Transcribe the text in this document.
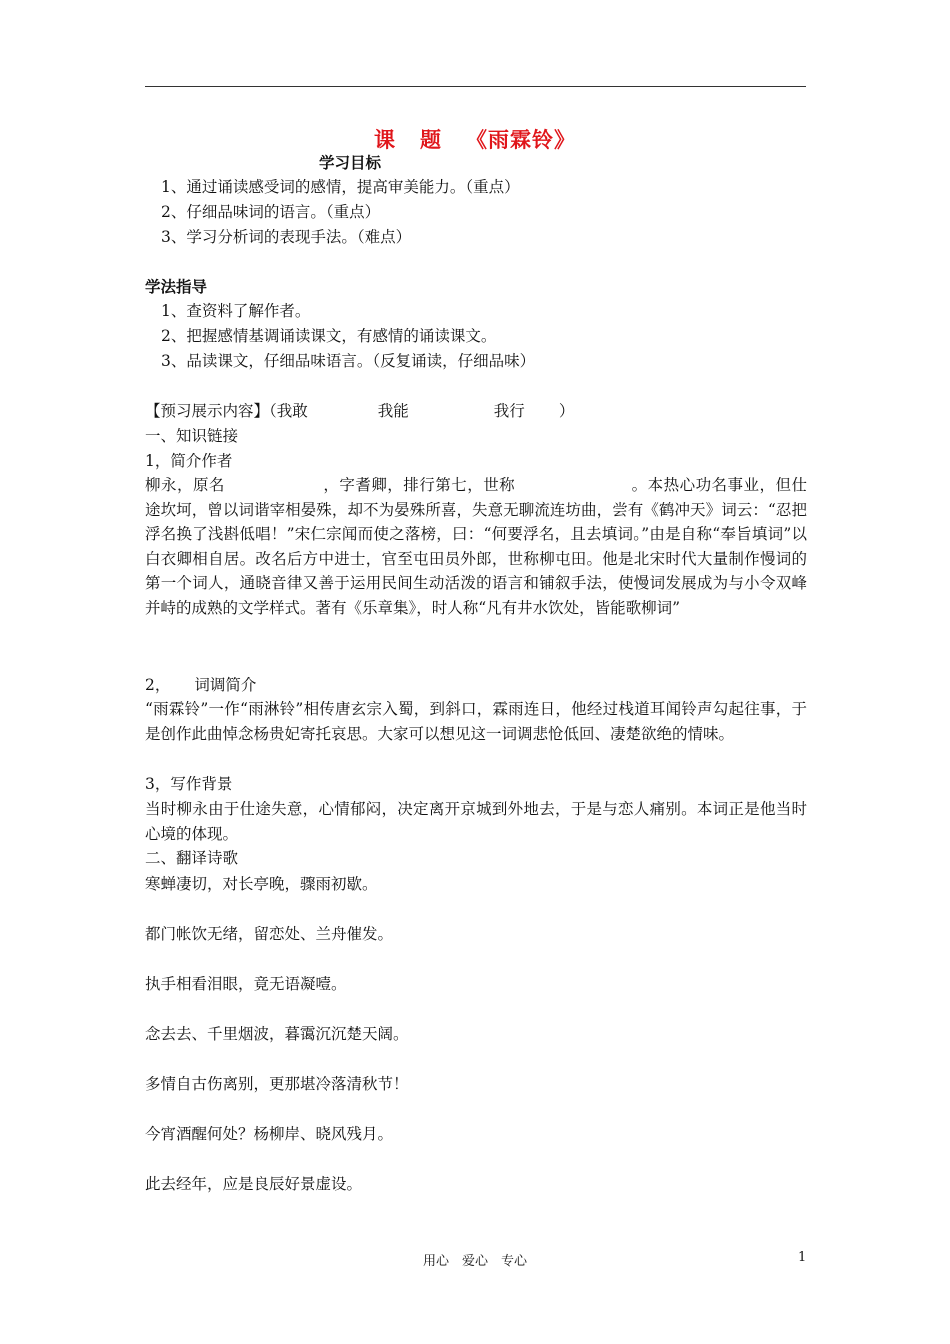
课 题 《雨霖铃》
学习目标
1、通过诵读感受词的感情，提高审美能力。（重点）
2、仔细品味词的语言。（重点）
3、学习分析词的表现手法。（难点）
学法指导
1、查资料了解作者。
2、把握感情基调诵读课文，有感情的诵读课文。
3、品读课文，仔细品味语言。（反复诵读，仔细品味）
【预习展示内容】（我敢	我能	我行 ）
一、知识链接
1，简介作者
柳永，原名	，字耆卿，排行第七，世称	。本热心功名事业，但仕途坎坷，曾以词谐宰相晏殊，却不为晏殊所喜，失意无聊流连坊曲，尝有《鹤冲天》词云：“忍把浮名换了浅斟低唱！”宋仁宗闻而使之落榜，曰：“何要浮名，且去填词。”由是自称“奉旨填词”以白衣卿相自居。改名后方中进士，官至屯田员外郎，世称柳屯田。他是北宋时代大量制作慢词的第一个词人，通晓音律又善于运用民间生动活泼的语言和铺叙手法，使慢词发展成为与小令双峰并峙的成熟的文学样式。著有《乐章集》，时人称“凡有井水饮处，皆能歌柳词”
2， 词调简介
“雨霖铃”一作“雨淋铃”相传唐玄宗入蜀，到斜口，霖雨连日，他经过栈道耳闻铃声勾起往事，于是创作此曲悼念杨贵妃寄托哀思。大家可以想见这一词调悲怆低回、凄楚欲绝的情味。
3，写作背景
当时柳永由于仕途失意，心情郁闷，决定离开京城到外地去，于是与恋人痛别。本词正是他当时心境的体现。
二、翻译诗歌
寒蝉凄切，对长亭晚，骤雨初歇。
都门帐饮无绪，留恋处、兰舟催发。
执手相看泪眼，竟无语凝噎。
念去去、千里烟波，暮霭沉沉楚天阔。
多情自古伤离别，更那堪冷落清秋节！
今宵酒醒何处？杨柳岸、晓风残月。
此去经年，应是良辰好景虚设。
用心　爱心　专心	1
